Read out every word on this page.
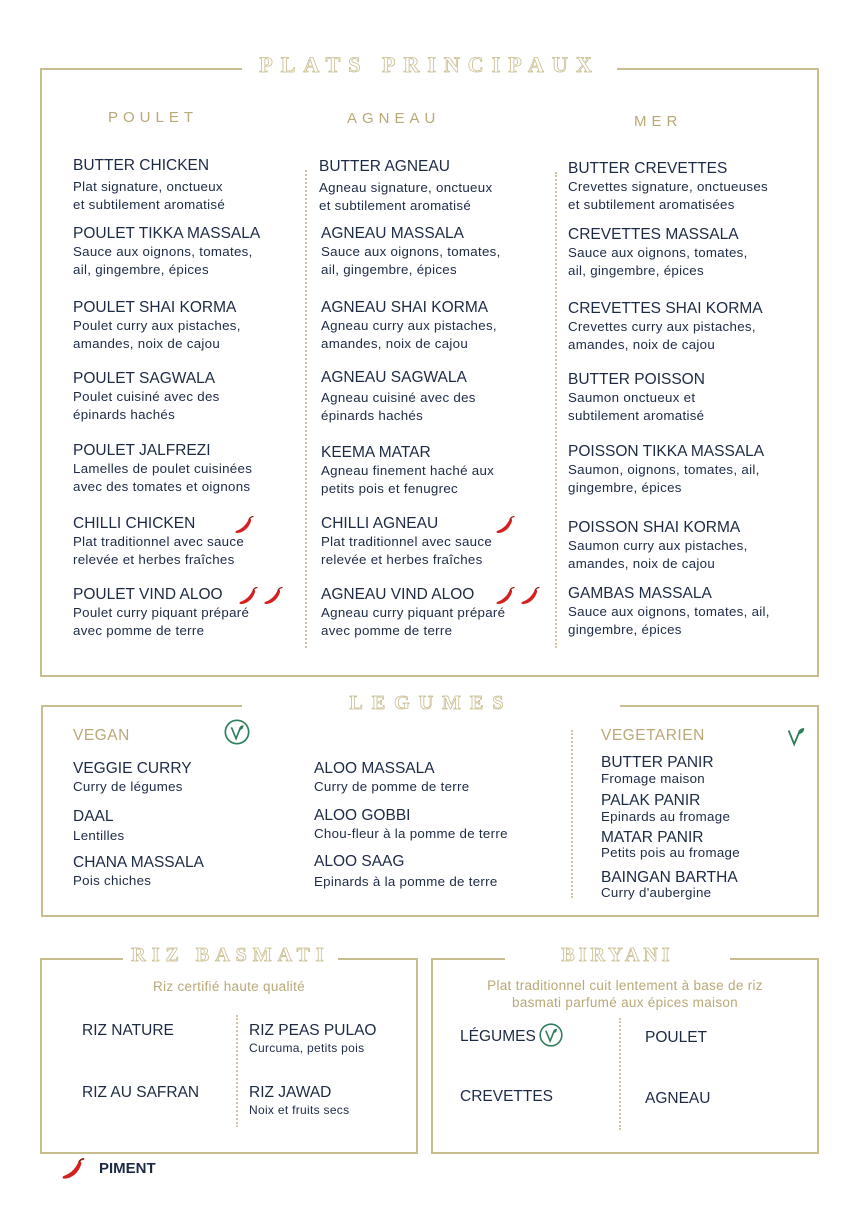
PLATS PRINCIPAUX
POULET	AGNEAU	MER
BUTTER CHICKEN
Plat signature, onctueux
et subtilement aromatisé
POULET TIKKA MASSALA
Sauce aux oignons, tomates,
ail, gingembre, épices
POULET SHAI KORMA
Poulet curry aux pistaches,
amandes, noix de cajou
POULET SAGWALA
Poulet cuisiné avec des
épinards hachés
POULET JALFREZI
Lamelles de poulet cuisinées
avec des tomates et oignons
CHILLI CHICKEN
Plat traditionnel avec sauce
relevée et herbes fraîches
POULET VIND ALOO
Poulet curry piquant préparé
avec pomme de terre
BUTTER AGNEAU
Agneau signature, onctueux
et subtilement aromatisé
AGNEAU MASSALA
Sauce aux oignons, tomates,
ail, gingembre, épices
AGNEAU SHAI KORMA
Agneau curry aux pistaches,
amandes, noix de cajou
AGNEAU SAGWALA
Agneau cuisiné avec des
épinards hachés
KEEMA MATAR
Agneau finement haché aux
petits pois et fenugrec
CHILLI AGNEAU
Plat traditionnel avec sauce
relevée et herbes fraîches
AGNEAU VIND ALOO
Agneau curry piquant préparé
avec pomme de terre
BUTTER CREVETTES
Crevettes signature, onctueuses
et subtilement aromatisées
CREVETTES MASSALA
Sauce aux oignons, tomates,
ail, gingembre, épices
CREVETTES SHAI KORMA
Crevettes curry aux pistaches,
amandes, noix de cajou
BUTTER POISSON
Saumon onctueux et
subtilement aromatisé
POISSON TIKKA MASSALA
Saumon, oignons, tomates, ail,
gingembre, épices
POISSON SHAI KORMA
Saumon curry aux pistaches,
amandes, noix de cajou
GAMBAS MASSALA
Sauce aux oignons, tomates, ail,
gingembre, épices
LEGUMES
VEGAN
VEGGIE CURRY
Curry de légumes
DAAL
Lentilles
CHANA MASSALA
Pois chiches
ALOO MASSALA
Curry de pomme de terre
ALOO GOBBI
Chou-fleur à la pomme de terre
ALOO SAAG
Epinards à la pomme de terre
VEGETARIEN
BUTTER PANIR
Fromage maison
PALAK PANIR
Epinards au fromage
MATAR PANIR
Petits pois au fromage
BAINGAN BARTHA
Curry d'aubergine
RIZ BASMATI
Riz certifié haute qualité
RIZ NATURE
RIZ AU SAFRAN
RIZ PEAS PULAO
Curcuma, petits pois
RIZ JAWAD
Noix et fruits secs
BIRYANI
Plat traditionnel cuit lentement à base de riz
basmati parfumé aux épices maison
LÉGUMES
CREVETTES
POULET
AGNEAU
PIMENT
